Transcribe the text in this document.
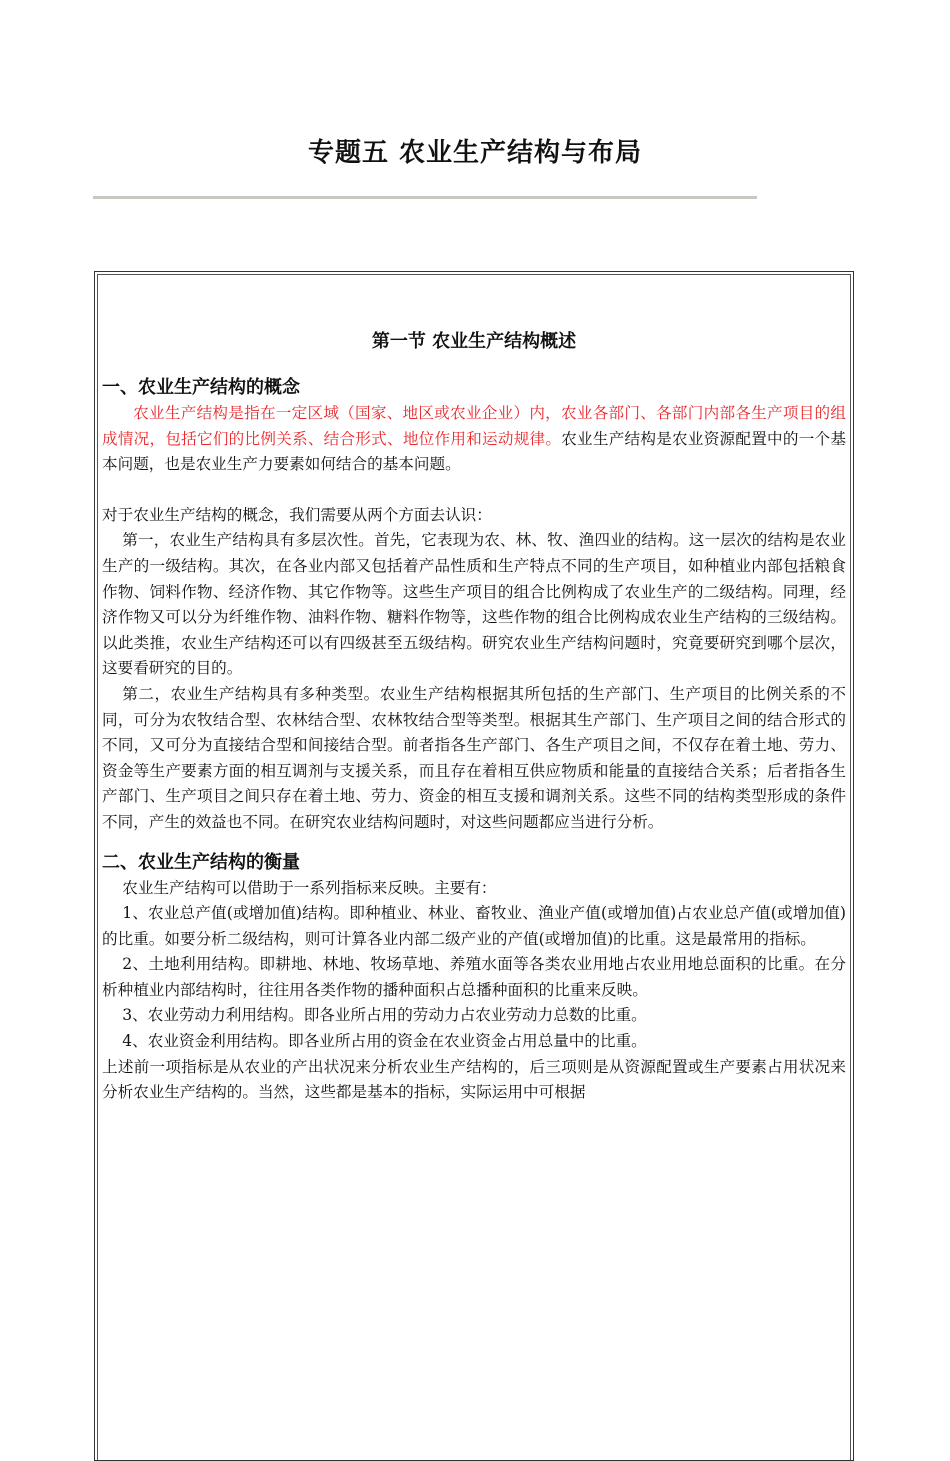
专题五 农业生产结构与布局
第一节 农业生产结构概述
一、农业生产结构的概念

农业生产结构是指在一定区域（国家、地区或农业企业）内，农业各部门、各部门内部各生产项目的组成情况，包括它们的比例关系、结合形式、地位作用和运动规律。农业生产结构是农业资源配置中的一个基本问题，也是农业生产力要素如何结合的基本问题。

对于农业生产结构的概念，我们需要从两个方面去认识：

第一，农业生产结构具有多层次性。首先，它表现为农、林、牧、渔四业的结构。这一层次的结构是农业生产的一级结构。其次，在各业内部又包括着产品性质和生产特点不同的生产项目，如种植业内部包括粮食作物、饲料作物、经济作物、其它作物等。这些生产项目的组合比例构成了农业生产的二级结构。同理，经济作物又可以分为纤维作物、油料作物、糖料作物等，这些作物的组合比例构成农业生产结构的三级结构。以此类推，农业生产结构还可以有四级甚至五级结构。研究农业生产结构问题时，究竟要研究到哪个层次，这要看研究的目的。

第二，农业生产结构具有多种类型。农业生产结构根据其所包括的生产部门、生产项目的比例关系的不同，可分为农牧结合型、农林结合型、农林牧结合型等类型。根据其生产部门、生产项目之间的结合形式的不同，又可分为直接结合型和间接结合型。前者指各生产部门、各生产项目之间，不仅存在着土地、劳力、资金等生产要素方面的相互调剂与支援关系，而且存在着相互供应物质和能量的直接结合关系；后者指各生产部门、生产项目之间只存在着土地、劳力、资金的相互支援和调剂关系。这些不同的结构类型形成的条件不同，产生的效益也不同。在研究农业结构问题时，对这些问题都应当进行分析。

二、农业生产结构的衡量

农业生产结构可以借助于一系列指标来反映。主要有：

1、农业总产值(或增加值)结构。即种植业、林业、畜牧业、渔业产值(或增加值)占农业总产值(或增加值)的比重。如要分析二级结构，则可计算各业内部二级产业的产值(或增加值)的比重。这是最常用的指标。

2、土地利用结构。即耕地、林地、牧场草地、养殖水面等各类农业用地占农业用地总面积的比重。在分析种植业内部结构时，往往用各类作物的播种面积占总播种面积的比重来反映。

3、农业劳动力利用结构。即各业所占用的劳动力占农业劳动力总数的比重。

4、农业资金利用结构。即各业所占用的资金在农业资金占用总量中的比重。

上述前一项指标是从农业的产出状况来分析农业生产结构的，后三项则是从资源配置或生产要素占用状况来分析农业生产结构的。当然，这些都是基本的指标，实际运用中可根据
